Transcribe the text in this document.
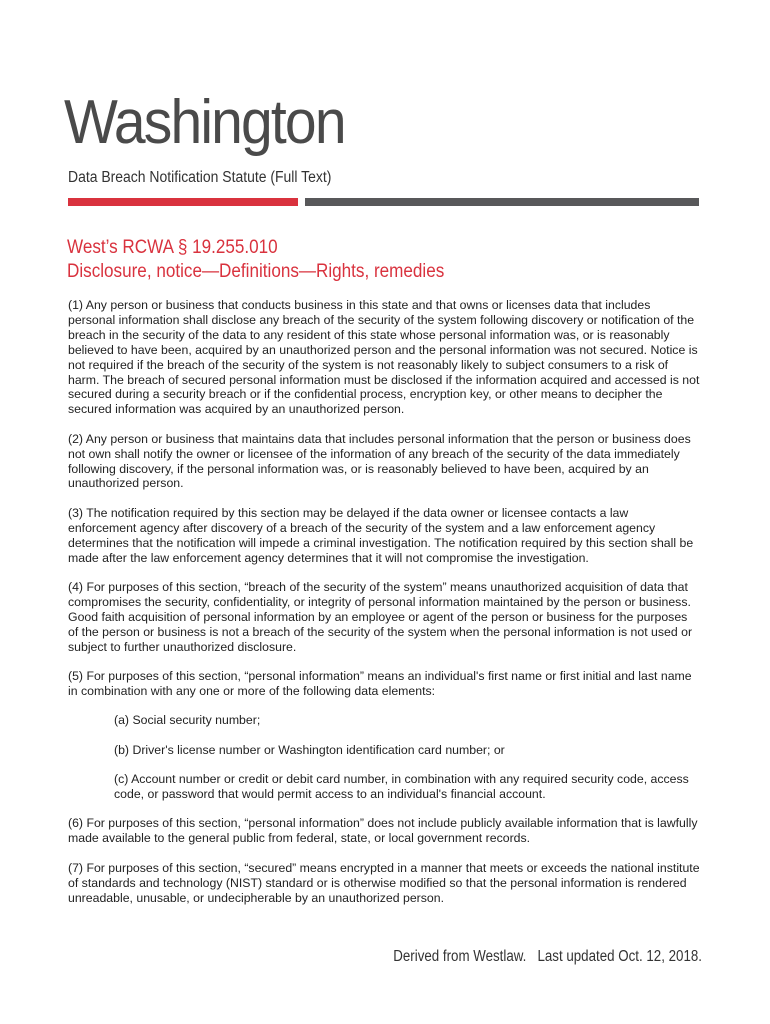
Washington
Data Breach Notification Statute (Full Text)
West’s RCWA § 19.255.010
Disclosure, notice—Definitions—Rights, remedies

(1) Any person or business that conducts business in this state and that owns or licenses data that includes personal information shall disclose any breach of the security of the system following discovery or notification of the breach in the security of the data to any resident of this state whose personal information was, or is reasonably believed to have been, acquired by an unauthorized person and the personal information was not secured. Notice is not required if the breach of the security of the system is not reasonably likely to subject consumers to a risk of harm. The breach of secured personal information must be disclosed if the information acquired and accessed is not secured during a security breach or if the confidential process, encryption key, or other means to decipher the secured information was acquired by an unauthorized person.

(2) Any person or business that maintains data that includes personal information that the person or business does not own shall notify the owner or licensee of the information of any breach of the security of the data immediately following discovery, if the personal information was, or is reasonably believed to have been, acquired by an unauthorized person.

(3) The notification required by this section may be delayed if the data owner or licensee contacts a law enforcement agency after discovery of a breach of the security of the system and a law enforcement agency determines that the notification will impede a criminal investigation. The notification required by this section shall be made after the law enforcement agency determines that it will not compromise the investigation.

(4) For purposes of this section, “breach of the security of the system” means unauthorized acquisition of data that compromises the security, confidentiality, or integrity of personal information maintained by the person or business. Good faith acquisition of personal information by an employee or agent of the person or business for the purposes of the person or business is not a breach of the security of the system when the personal information is not used or subject to further unauthorized disclosure.

(5) For purposes of this section, “personal information” means an individual's first name or first initial and last name in combination with any one or more of the following data elements:

(a) Social security number;

(b) Driver's license number or Washington identification card number; or

(c) Account number or credit or debit card number, in combination with any required security code, access code, or password that would permit access to an individual's financial account.

(6) For purposes of this section, “personal information” does not include publicly available information that is lawfully made available to the general public from federal, state, or local government records.

(7) For purposes of this section, “secured” means encrypted in a manner that meets or exceeds the national institute of standards and technology (NIST) standard or is otherwise modified so that the personal information is rendered unreadable, unusable, or undecipherable by an unauthorized person.

Derived from Westlaw.   Last updated Oct. 12, 2018.
